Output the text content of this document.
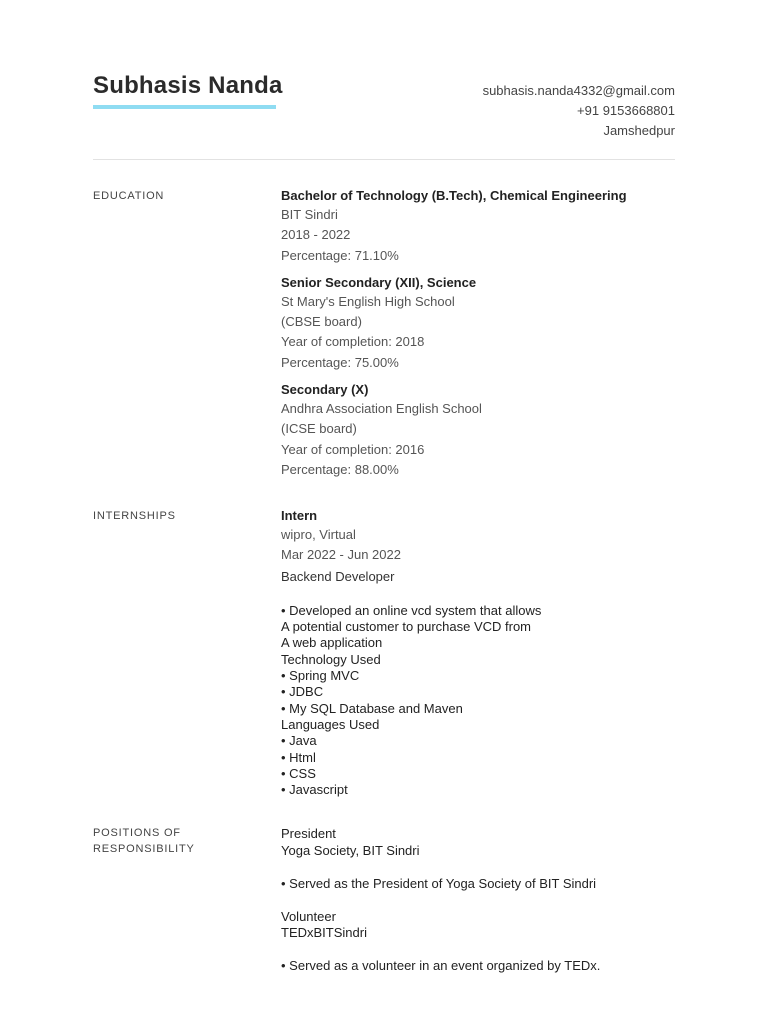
Subhasis Nanda	subhasis.nanda4332@gmail.com
+91 9153668801
Jamshedpur
EDUCATION	Bachelor of Technology (B.Tech), Chemical Engineering
BIT Sindri
2018 - 2022
Percentage: 71.10%
Senior Secondary (XII), Science
St Mary's English High School
(CBSE board)
Year of completion: 2018
Percentage: 75.00%
Secondary (X)
Andhra Association English School
(ICSE board)
Year of completion: 2016
Percentage: 88.00%
INTERNSHIPS	Intern
wipro, Virtual
Mar 2022 - Jun 2022
Backend Developer
• Developed an online vcd system that allows
A potential customer to purchase VCD from
A web application
Technology Used
• Spring MVC
• JDBC
• My SQL Database and Maven
Languages Used
• Java
• Html
• CSS
• Javascript
POSITIONS OF
RESPONSIBILITY
President
Yoga Society, BIT Sindri

• Served as the President of Yoga Society of BIT Sindri

Volunteer
TEDxBITSindri

• Served as a volunteer in an event organized by TEDx.
